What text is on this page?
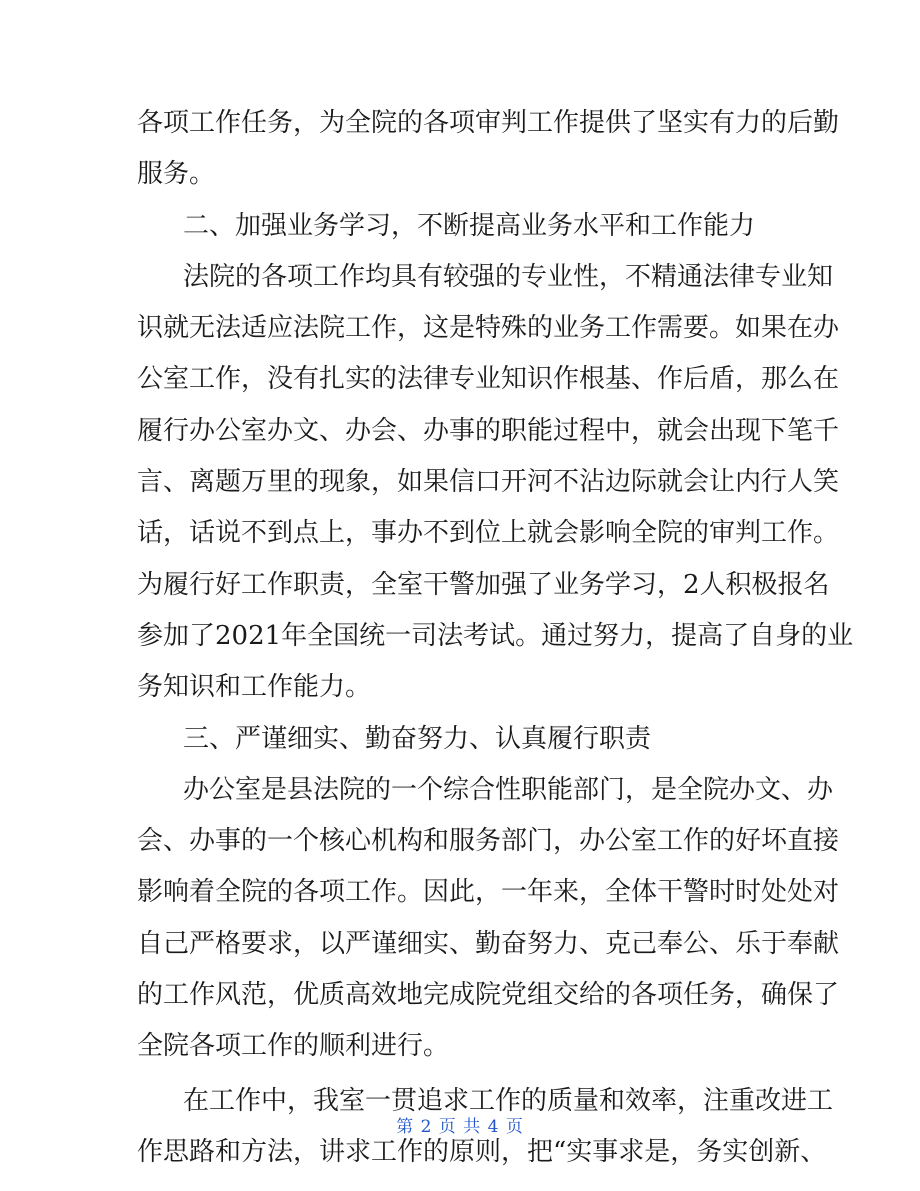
各项工作任务，为全院的各项审判工作提供了坚实有力的后勤
服务。
二、加强业务学习，不断提高业务水平和工作能力
法院的各项工作均具有较强的专业性，不精通法律专业知
识就无法适应法院工作，这是特殊的业务工作需要。如果在办
公室工作，没有扎实的法律专业知识作根基、作后盾，那么在
履行办公室办文、办会、办事的职能过程中，就会出现下笔千
言、离题万里的现象，如果信口开河不沾边际就会让内行人笑
话，话说不到点上，事办不到位上就会影响全院的审判工作。
为履行好工作职责，全室干警加强了业务学习，2人积极报名
参加了2021年全国统一司法考试。通过努力，提高了自身的业
务知识和工作能力。
三、严谨细实、勤奋努力、认真履行职责
办公室是县法院的一个综合性职能部门，是全院办文、办
会、办事的一个核心机构和服务部门，办公室工作的好坏直接
影响着全院的各项工作。因此，一年来，全体干警时时处处对
自己严格要求，以严谨细实、勤奋努力、克己奉公、乐于奉献
的工作风范，优质高效地完成院党组交给的各项任务，确保了
全院各项工作的顺利进行。
在工作中，我室一贯追求工作的质量和效率，注重改进工
作思路和方法，讲求工作的原则，把“实事求是，务实创新、
第 2 页 共 4 页
